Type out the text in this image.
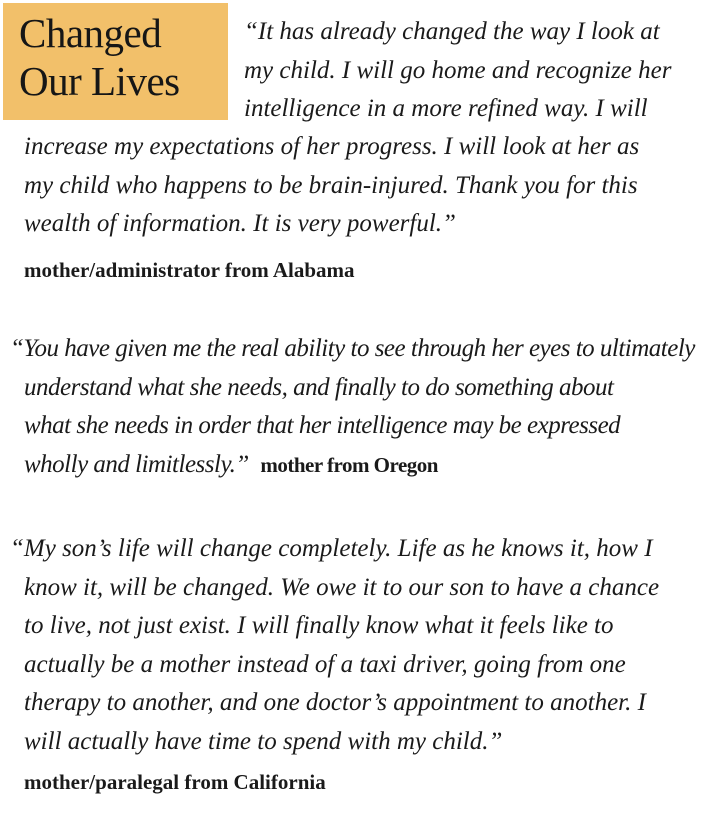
Changed
Our Lives
“It has already changed the way I look at
my child. I will go home and recognize her
intelligence in a more refined way. I will
increase my expectations of her progress. I will look at her as
my child who happens to be brain-injured. Thank you for this
wealth of information. It is very powerful.”
mother/administrator from Alabama
“You have given me the real ability to see through her eyes to ultimately
understand what she needs, and finally to do something about
what she needs in order that her intelligence may be expressed
wholly and limitlessly.” mother from Oregon
“My son’s life will change completely. Life as he knows it, how I
know it, will be changed. We owe it to our son to have a chance
to live, not just exist. I will finally know what it feels like to
actually be a mother instead of a taxi driver, going from one
therapy to another, and one doctor’s appointment to another. I
will actually have time to spend with my child.”
mother/paralegal from California
